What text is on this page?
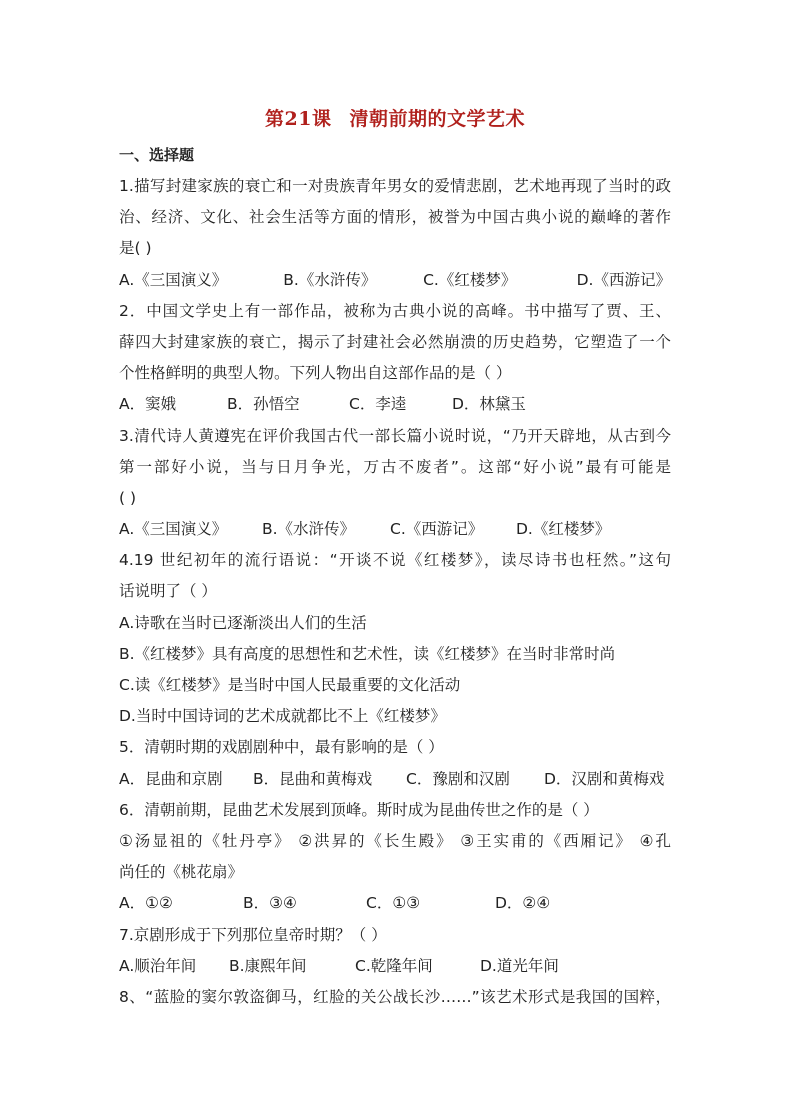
第21课 清朝前期的文学艺术
一、选择题
1.描写封建家族的衰亡和一对贵族青年男女的爱情悲剧，艺术地再现了当时的政
治、经济、文化、社会生活等方面的情形，被誉为中国古典小说的巅峰的著作
是( )
A.《三国演义》	B.《水浒传》	C.《红楼梦》	D.《西游记》
2．中国文学史上有一部作品，被称为古典小说的高峰。书中描写了贾、王、
薛四大封建家族的衰亡，揭示了封建社会必然崩溃的历史趋势，它塑造了一个
个性格鲜明的典型人物。下列人物出自这部作品的是（ ）
A．窦娥	B．孙悟空	C．李逵	D．林黛玉
3.清代诗人黄遵宪在评价我国古代一部长篇小说时说，“乃开天辟地，从古到今
第一部好小说，当与日月争光，万古不废者”。这部“好小说”最有可能是
( )
A.《三国演义》	B.《水浒传》	C.《西游记》	D.《红楼梦》
4.19 世纪初年的流行语说：“开谈不说《红楼梦》，读尽诗书也枉然。”这句
话说明了（ ）
A.诗歌在当时已逐渐淡出人们的生活
B.《红楼梦》具有高度的思想性和艺术性，读《红楼梦》在当时非常时尚
C.读《红楼梦》是当时中国人民最重要的文化活动
D.当时中国诗词的艺术成就都比不上《红楼梦》
5．清朝时期的戏剧剧种中，最有影响的是（ ）
A．昆曲和京剧	B．昆曲和黄梅戏	C．豫剧和汉剧	D．汉剧和黄梅戏
6．清朝前期，昆曲艺术发展到顶峰。斯时成为昆曲传世之作的是（ ）
①汤显祖的《牡丹亭》 ②洪昇的《长生殿》 ③王实甫的《西厢记》 ④孔
尚任的《桃花扇》
A．①②	B．③④	C．①③	D．②④
7.京剧形成于下列那位皇帝时期？（ ）
A.顺治年间	B.康熙年间	C.乾隆年间	D.道光年间
8、“蓝脸的窦尔敦盗御马，红脸的关公战长沙……”该艺术形式是我国的国粹，
